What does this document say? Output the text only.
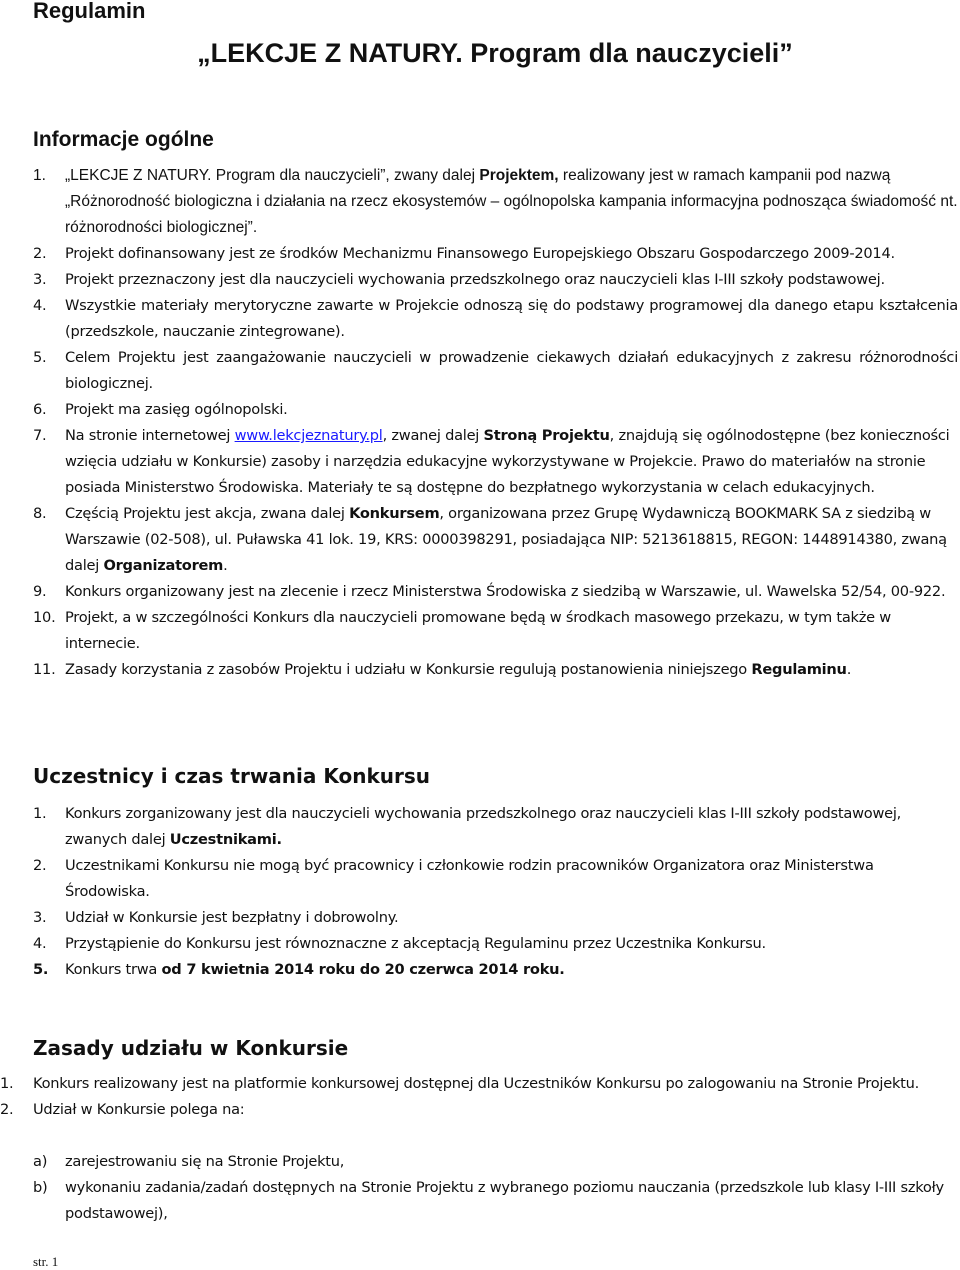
Regulamin
„LEKCJE Z NATURY. Program dla nauczycieli”
Informacje ogólne
1. „LEKCJE Z NATURY. Program dla nauczycieli”, zwany dalej Projektem, realizowany jest w ramach kampanii pod nazwą „Różnorodność biologiczna i działania na rzecz ekosystemów – ogólnopolska kampania informacyjna podnosząca świadomość nt. różnorodności biologicznej”.
2. Projekt dofinansowany jest ze środków Mechanizmu Finansowego Europejskiego Obszaru Gospodarczego 2009-2014.
3. Projekt przeznaczony jest dla nauczycieli wychowania przedszkolnego oraz nauczycieli klas I-III szkoły podstawowej.
4. Wszystkie materiały merytoryczne zawarte w Projekcie odnoszą się do podstawy programowej dla danego etapu kształcenia (przedszkole, nauczanie zintegrowane).
5. Celem Projektu jest zaangażowanie nauczycieli w prowadzenie ciekawych działań edukacyjnych z zakresu różnorodności biologicznej.
6. Projekt ma zasięg ogólnopolski.
7. Na stronie internetowej www.lekcjeznatury.pl, zwanej dalej Stroną Projektu, znajdują się ogólnodostępne (bez konieczności wzięcia udziału w Konkursie) zasoby i narzędzia edukacyjne wykorzystywane w Projekcie. Prawo do materiałów na stronie posiada Ministerstwo Środowiska. Materiały te są dostępne do bezpłatnego wykorzystania w celach edukacyjnych.
8. Częścią Projektu jest akcja, zwana dalej Konkursem, organizowana przez Grupę Wydawniczą BOOKMARK SA z siedzibą w Warszawie (02-508), ul. Puławska 41 lok. 19, KRS: 0000398291, posiadająca NIP: 5213618815, REGON: 1448914380, zwaną dalej Organizatorem.
9. Konkurs organizowany jest na zlecenie i rzecz Ministerstwa Środowiska z siedzibą w Warszawie, ul. Wawelska 52/54, 00-922.
10. Projekt, a w szczególności Konkurs dla nauczycieli promowane będą w środkach masowego przekazu, w tym także w internecie.
11. Zasady korzystania z zasobów Projektu i udziału w Konkursie regulują postanowienia niniejszego Regulaminu.
Uczestnicy i czas trwania Konkursu
1. Konkurs zorganizowany jest dla nauczycieli wychowania przedszkolnego oraz nauczycieli klas I-III szkoły podstawowej, zwanych dalej Uczestnikami.
2. Uczestnikami Konkursu nie mogą być pracownicy i członkowie rodzin pracowników Organizatora oraz Ministerstwa Środowiska.
3. Udział w Konkursie jest bezpłatny i dobrowolny.
4. Przystąpienie do Konkursu jest równoznaczne z akceptacją Regulaminu przez Uczestnika Konkursu.
5. Konkurs trwa od 7 kwietnia 2014 roku do 20 czerwca 2014 roku.
Zasady udziału w Konkursie
1. Konkurs realizowany jest na platformie konkursowej dostępnej dla Uczestników Konkursu po zalogowaniu na Stronie Projektu.
2. Udział w Konkursie polega na:
a) zarejestrowaniu się na Stronie Projektu,
b) wykonaniu zadania/zadań dostępnych na Stronie Projektu z wybranego poziomu nauczania (przedszkole lub klasy I-III szkoły podstawowej),
str. 1
